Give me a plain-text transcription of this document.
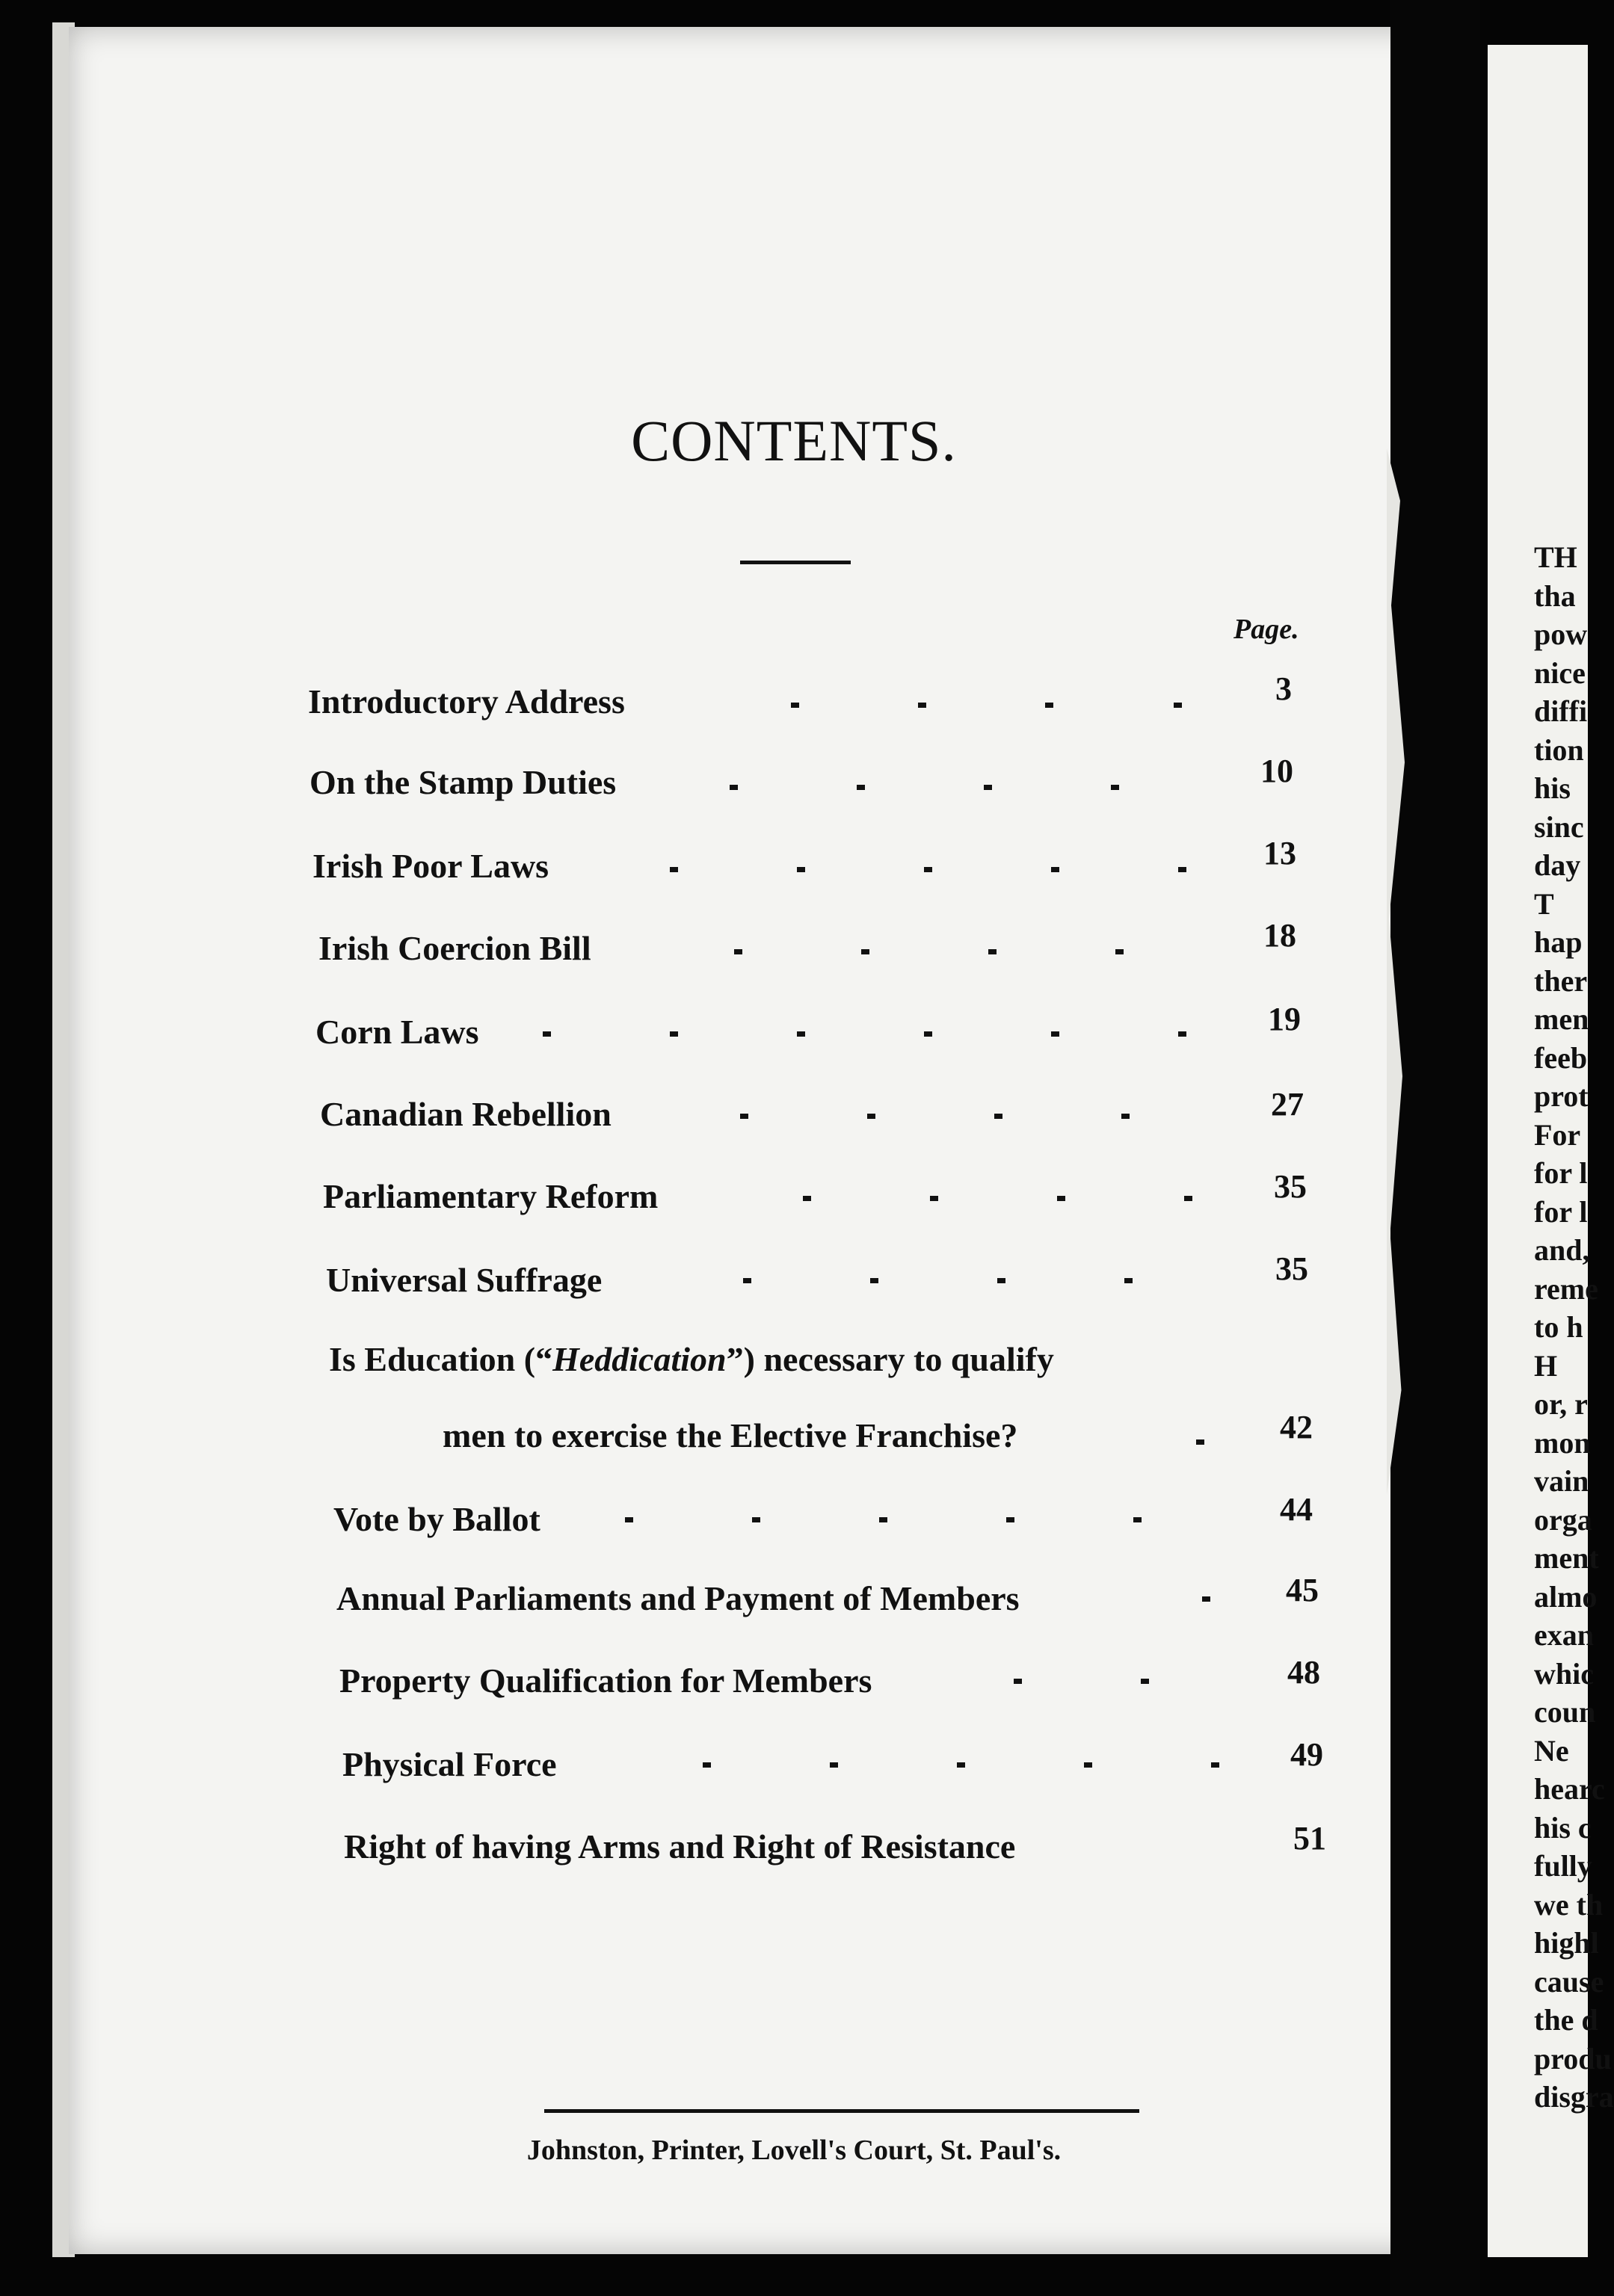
CONTENTS.
Page.
Introductory Address	3
On the Stamp Duties	10
Irish Poor Laws	13
Irish Coercion Bill	18
Corn Laws	19
Canadian Rebellion	27
Parliamentary Reform	35
Universal Suffrage	35
Is Education (“Heddication”) necessary to qualify
men to exercise the Elective Franchise?	42
Vote by Ballot	44
Annual Parliaments and Payment of Members	45
Property Qualification for Members	48
Physical Force	49
Right of having Arms and Right of Resistance	51
Johnston, Printer, Lovell's Court, St. Paul's.
TH
tha
pow
nice
diffi
tion
his
sinc
day
T
hap
ther
men
feeb
prot
For
for l
for l
and,
reme
to h
H
or, r
mon
vain
orga
ment
almo
exan
whic
coun
Ne
hearc
his c
fully
we th
highl
cause
the d
produ
disgra
